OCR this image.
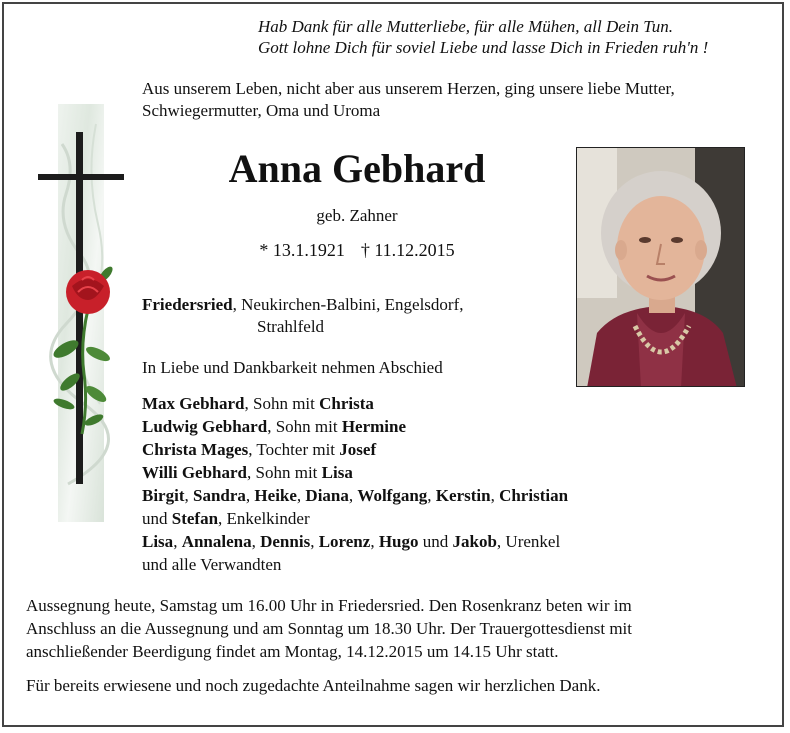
Hab Dank für alle Mutterliebe, für alle Mühen, all Dein Tun.
Gott lohne Dich für soviel Liebe und lasse Dich in Frieden ruh'n !
Aus unserem Leben, nicht aber aus unserem Herzen, ging unsere liebe Mutter,
Schwiegermutter, Oma und Uroma
Anna Gebhard
geb. Zahner
* 13.1.1921 † 11.12.2015
Friedersried, Neukirchen-Balbini, Engelsdorf,
Strahlfeld
In Liebe und Dankbarkeit nehmen Abschied
Max Gebhard, Sohn mit Christa
Ludwig Gebhard, Sohn mit Hermine
Christa Mages, Tochter mit Josef
Willi Gebhard, Sohn mit Lisa
Birgit, Sandra, Heike, Diana, Wolfgang, Kerstin, Christian
und Stefan, Enkelkinder
Lisa, Annalena, Dennis, Lorenz, Hugo und Jakob, Urenkel
und alle Verwandten
Aussegnung heute, Samstag um 16.00 Uhr in Friedersried. Den Rosenkranz beten wir im
Anschluss an die Aussegnung und am Sonntag um 18.30 Uhr. Der Trauergottesdienst mit
anschließender Beerdigung findet am Montag, 14.12.2015 um 14.15 Uhr statt.
Für bereits erwiesene und noch zugedachte Anteilnahme sagen wir herzlichen Dank.
